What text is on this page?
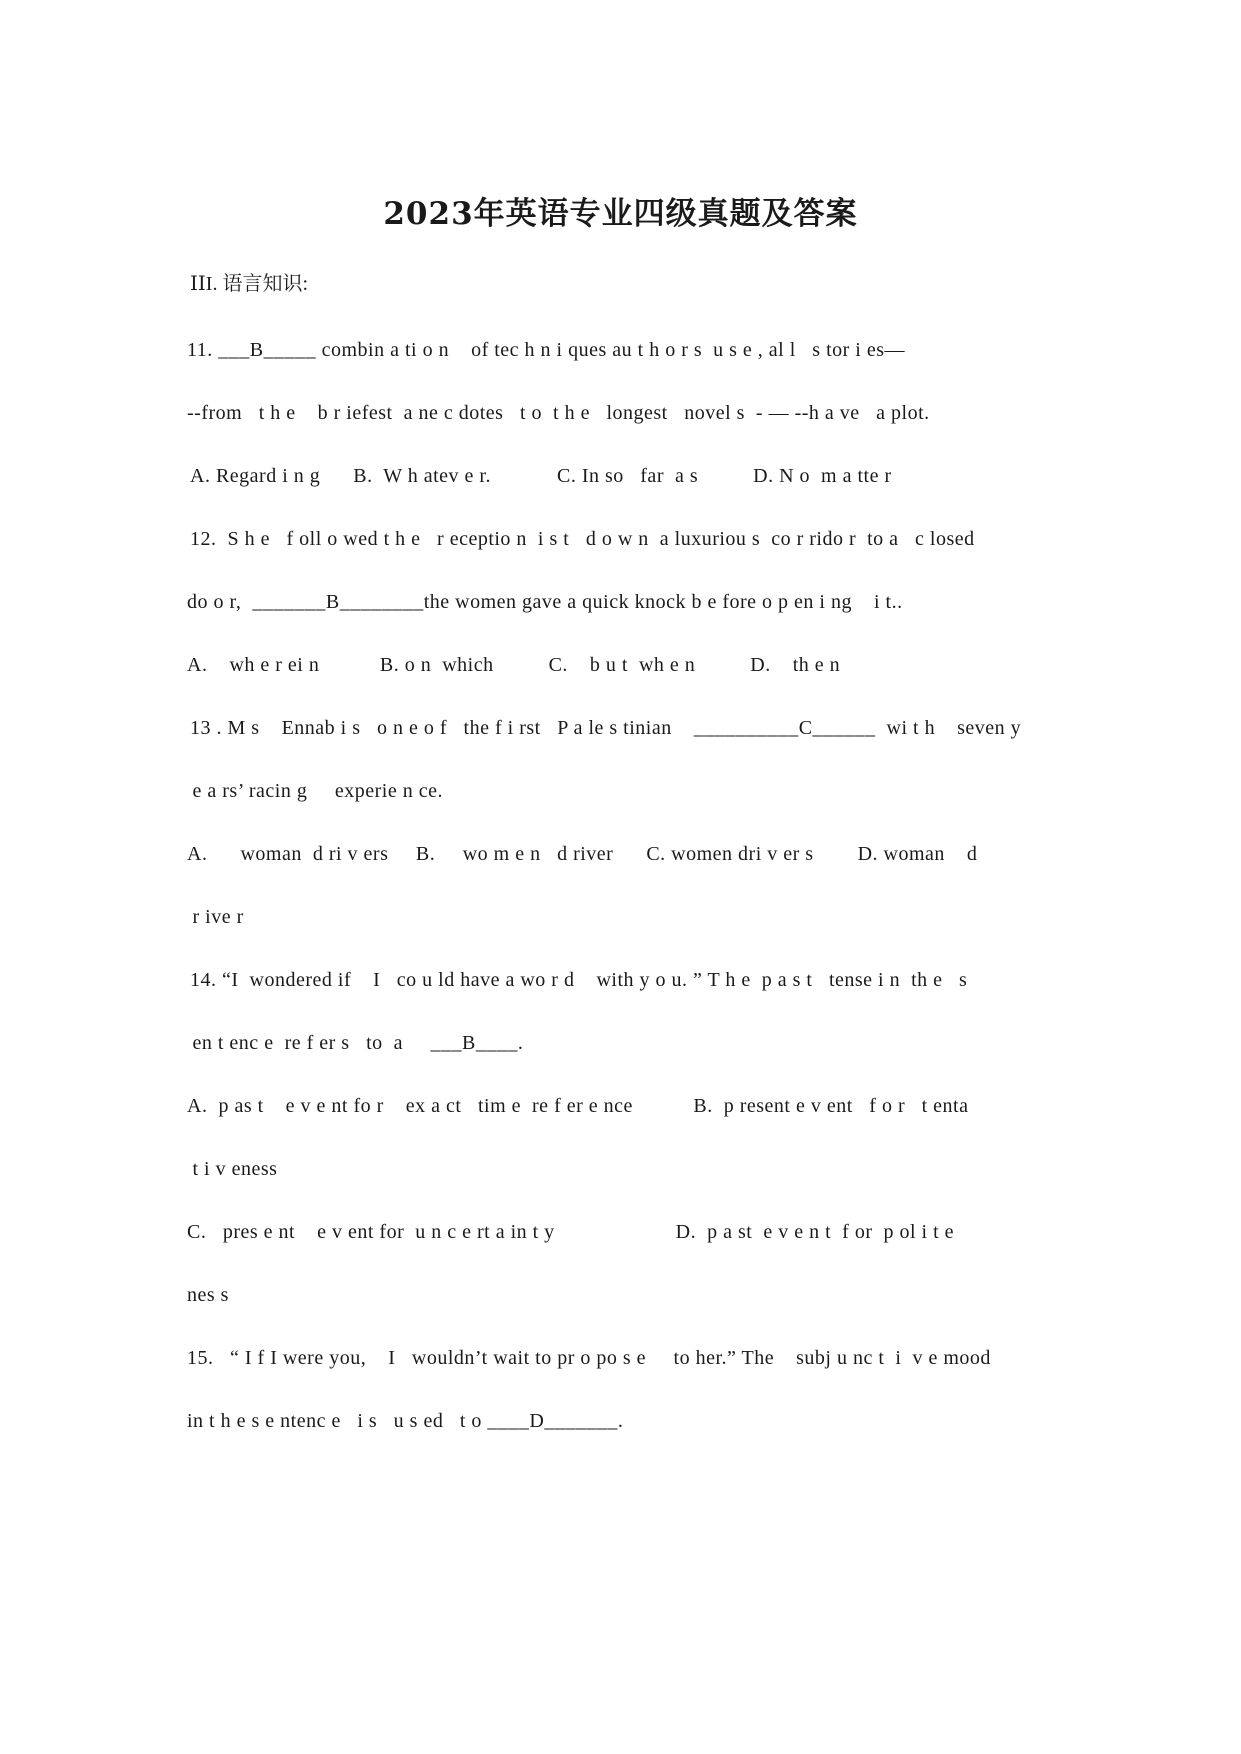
2023年英语专业四级真题及答案
ⅠⅠI. 语言知识:
11. ___B_____ combin a ti o n    of tec h n i ques au t h o r s  u s e , al l   s tor i es—
--from   t h e    b r iefest  a ne c dotes   t o  t h e   longest   novel s  - — --h a ve   a plot.
A. Regard i n g      B.  W h atev e r.            C. In so   far  a s          D. N o  m a tte r
12.  S h e   f oll o wed t h e   r eceptio n  i s t   d o w n  a luxuriou s  co r rido r  to a   c losed
do o r,  _______B________the women gave a quick knock b e fore o p en i ng    i t..
A.    wh e r ei n           B. o n  which          C.    b u t  wh e n          D.    th e n
13 . M s    Ennab i s   o n e o f   the f i rst   P a le s tinian    __________C______  wi t h    seven y
e a rs’ racin g     experie n ce.
A.      woman  d ri v ers     B.     wo m e n   d river      C. women dri v er s        D. woman    d
r ive r
14. “I  wondered if    I   co u ld have a wo r d    with y o u. ” T h e  p a s t   tense i n  th e   s
en t enc e  re f er s   to  a     ___B____.
A.  p as t    e v e nt fo r    ex a ct   tim e  re f er e nce           B.  p resent e v ent   f o r   t enta
t i v eness
C.   pres e nt    e v ent for  u n c e rt a in t y                      D.  p a st  e v e n t  f or  p ol i t e
nes s
15.   “ I f I were you,    I   wouldn’t wait to pr o po s e     to her.” The    subj u nc t  i  v e mood
in t h e s e ntenc e   i s   u s ed   t o ____D_______.
